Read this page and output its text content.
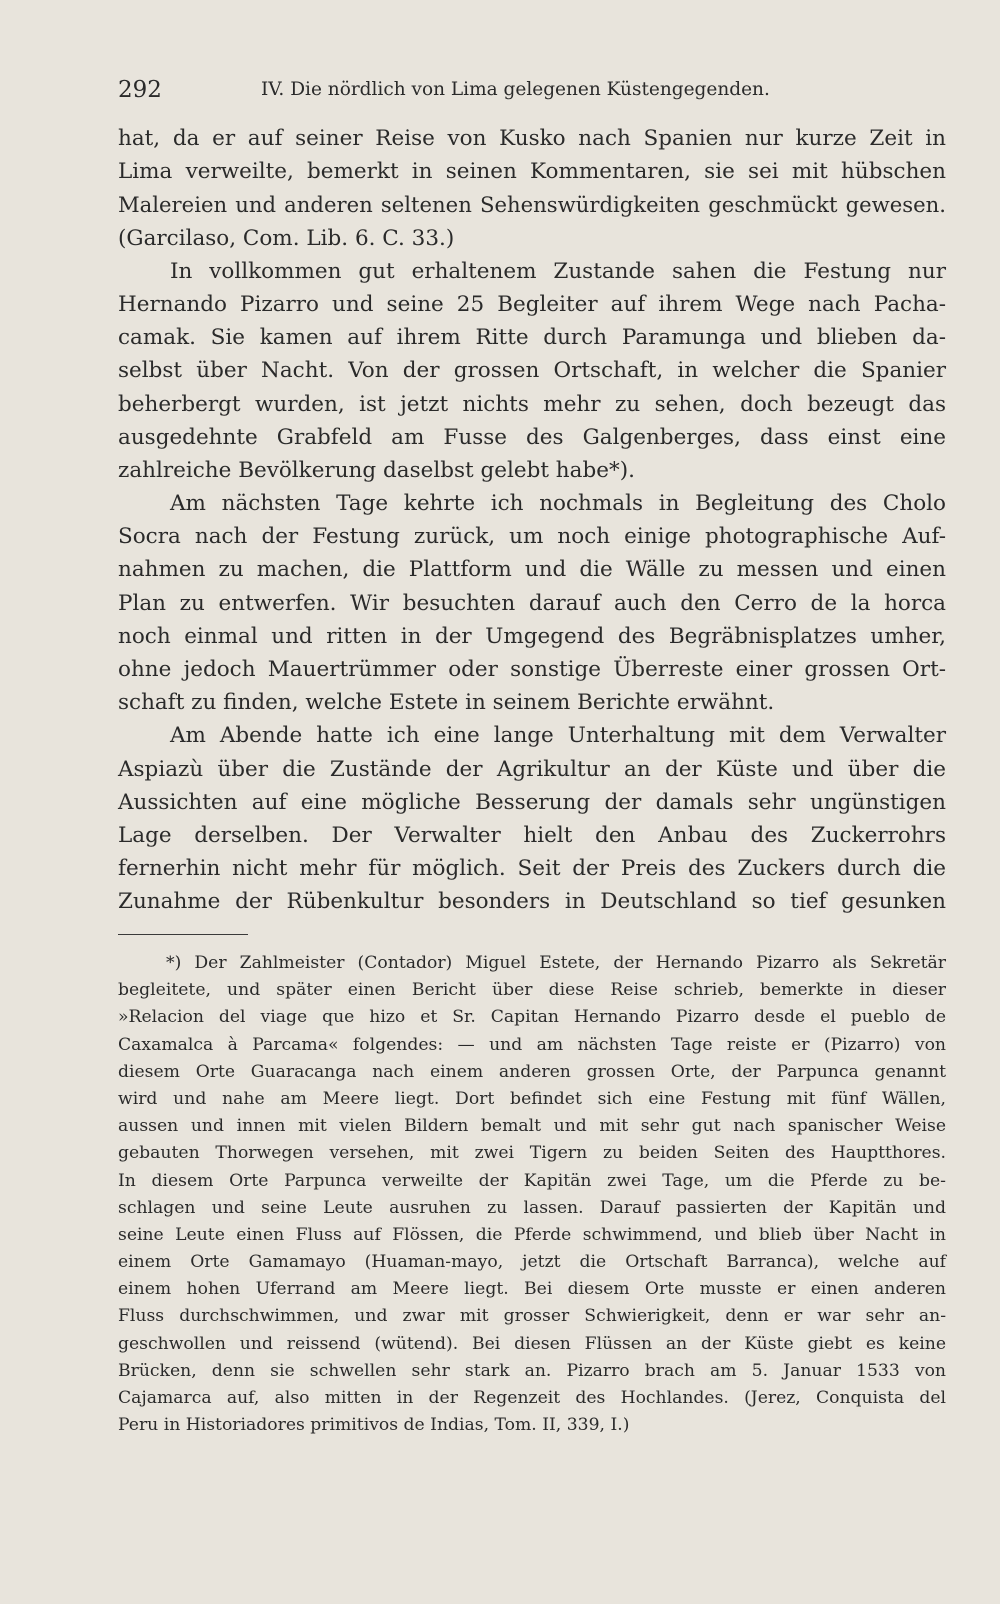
292	IV. Die nördlich von Lima gelegenen Küstengegenden.
hat, da er auf seiner Reise von Kusko nach Spanien nur kurze Zeit in
Lima verweilte, bemerkt in seinen Kommentaren, sie sei mit hübschen
Malereien und anderen seltenen Sehenswürdigkeiten geschmückt gewesen.
(Garcilaso, Com. Lib. 6. C. 33.)
In vollkommen gut erhaltenem Zustande sahen die Festung nur
Hernando Pizarro und seine 25 Begleiter auf ihrem Wege nach Pacha-
camak. Sie kamen auf ihrem Ritte durch Paramunga und blieben da-
selbst über Nacht. Von der grossen Ortschaft, in welcher die Spanier
beherbergt wurden, ist jetzt nichts mehr zu sehen, doch bezeugt das
ausgedehnte Grabfeld am Fusse des Galgenberges, dass einst eine
zahlreiche Bevölkerung daselbst gelebt habe*).
Am nächsten Tage kehrte ich nochmals in Begleitung des Cholo
Socra nach der Festung zurück, um noch einige photographische Auf-
nahmen zu machen, die Plattform und die Wälle zu messen und einen
Plan zu entwerfen. Wir besuchten darauf auch den Cerro de la horca
noch einmal und ritten in der Umgegend des Begräbnisplatzes umher,
ohne jedoch Mauertrümmer oder sonstige Überreste einer grossen Ort-
schaft zu finden, welche Estete in seinem Berichte erwähnt.
Am Abende hatte ich eine lange Unterhaltung mit dem Verwalter
Aspiazù über die Zustände der Agrikultur an der Küste und über die
Aussichten auf eine mögliche Besserung der damals sehr ungünstigen
Lage derselben. Der Verwalter hielt den Anbau des Zuckerrohrs
fernerhin nicht mehr für möglich. Seit der Preis des Zuckers durch die
Zunahme der Rübenkultur besonders in Deutschland so tief gesunken
*) Der Zahlmeister (Contador) Miguel Estete, der Hernando Pizarro als Sekretär
begleitete, und später einen Bericht über diese Reise schrieb, bemerkte in dieser
»Relacion del viage que hizo et Sr. Capitan Hernando Pizarro desde el pueblo de
Caxamalca à Parcama« folgendes: — und am nächsten Tage reiste er (Pizarro) von
diesem Orte Guaracanga nach einem anderen grossen Orte, der Parpunca genannt
wird und nahe am Meere liegt. Dort befindet sich eine Festung mit fünf Wällen,
aussen und innen mit vielen Bildern bemalt und mit sehr gut nach spanischer Weise
gebauten Thorwegen versehen, mit zwei Tigern zu beiden Seiten des Hauptthores.
In diesem Orte Parpunca verweilte der Kapitän zwei Tage, um die Pferde zu be-
schlagen und seine Leute ausruhen zu lassen. Darauf passierten der Kapitän und
seine Leute einen Fluss auf Flössen, die Pferde schwimmend, und blieb über Nacht in
einem Orte Gamamayo (Huaman-mayo, jetzt die Ortschaft Barranca), welche auf
einem hohen Uferrand am Meere liegt. Bei diesem Orte musste er einen anderen
Fluss durchschwimmen, und zwar mit grosser Schwierigkeit, denn er war sehr an-
geschwollen und reissend (wütend). Bei diesen Flüssen an der Küste giebt es keine
Brücken, denn sie schwellen sehr stark an. Pizarro brach am 5. Januar 1533 von
Cajamarca auf, also mitten in der Regenzeit des Hochlandes. (Jerez, Conquista del
Peru in Historiadores primitivos de Indias, Tom. II, 339, I.)
